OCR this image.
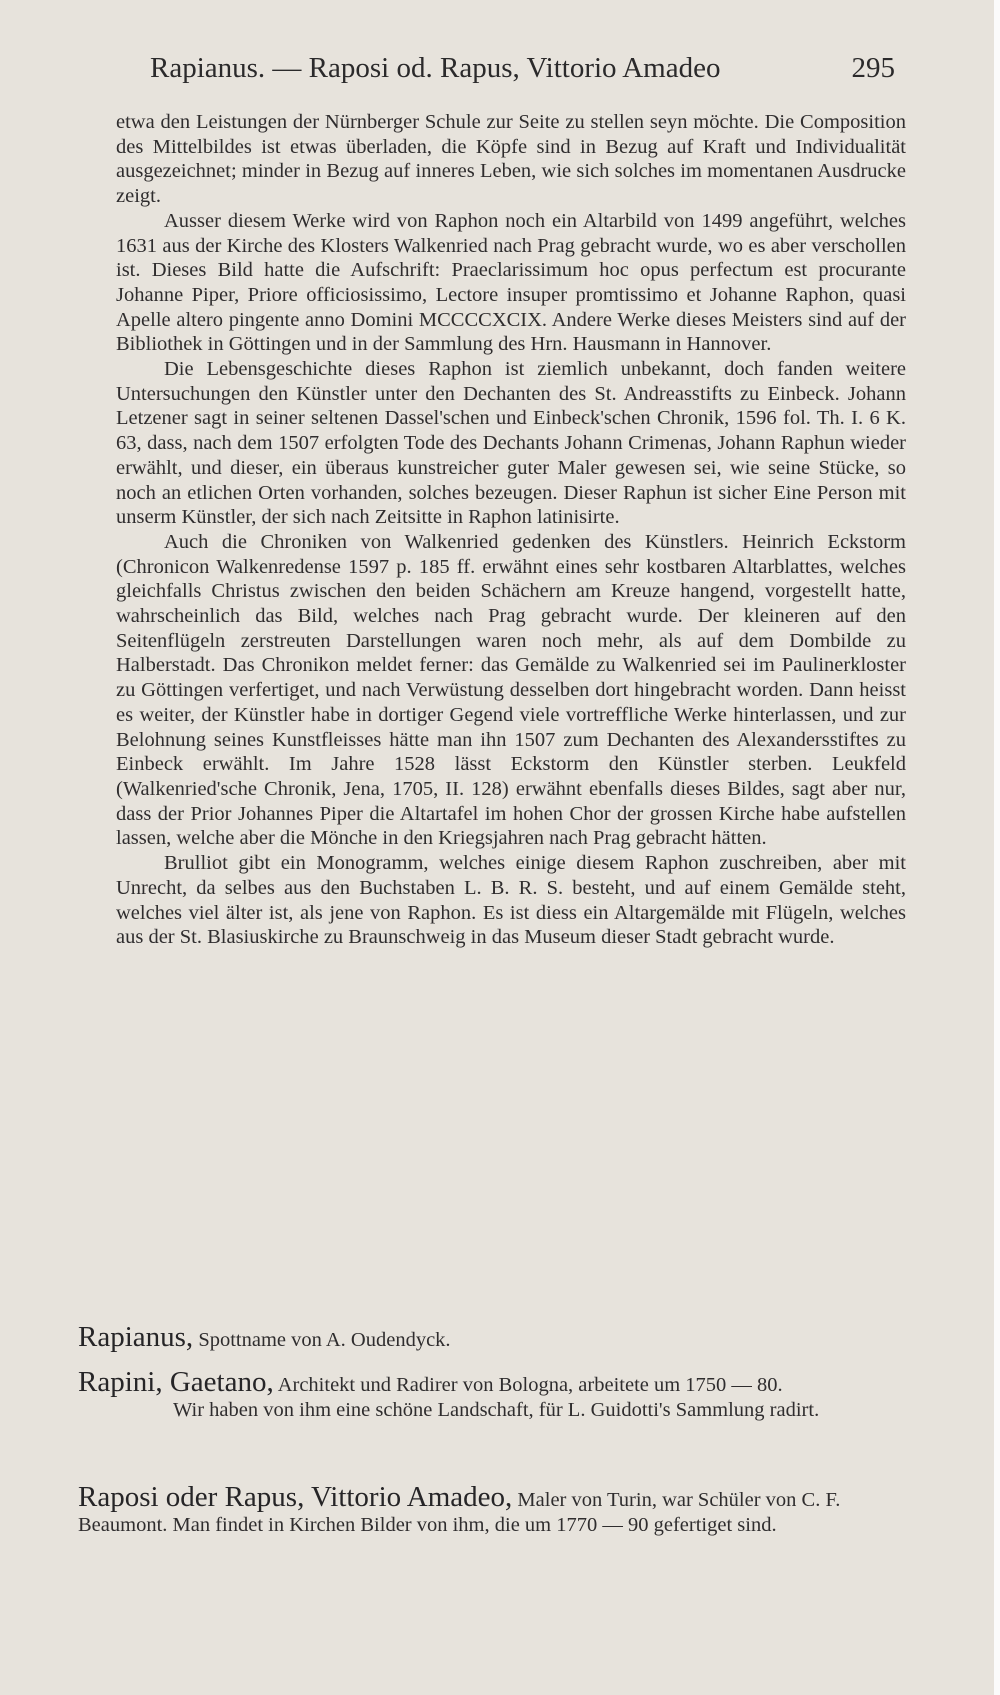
Rapianus. — Raposi od. Rapus, Vittorio Amadeo	295

etwa den Leistungen der Nürnberger Schule zur Seite zu stellen seyn möchte. Die Composition des Mittelbildes ist etwas überladen, die Köpfe sind in Bezug auf Kraft und Individualität ausgezeichnet; minder in Bezug auf inneres Leben, wie sich solches im momentanen Ausdrucke zeigt.

Ausser diesem Werke wird von Raphon noch ein Altarbild von 1499 angeführt, welches 1631 aus der Kirche des Klosters Walkenried nach Prag gebracht wurde, wo es aber verschollen ist. Dieses Bild hatte die Aufschrift: Praeclarissimum hoc opus perfectum est procurante Johanne Piper, Priore officiosissimo, Lectore insuper promtissimo et Johanne Raphon, quasi Apelle altero pingente anno Domini MCCCCXCIX. Andere Werke dieses Meisters sind auf der Bibliothek in Göttingen und in der Sammlung des Hrn. Hausmann in Hannover.

Die Lebensgeschichte dieses Raphon ist ziemlich unbekannt, doch fanden weitere Untersuchungen den Künstler unter den Dechanten des St. Andreasstifts zu Einbeck. Johann Letzener sagt in seiner seltenen Dassel'schen und Einbeck'schen Chronik, 1596 fol. Th. I. 6 K. 63, dass, nach dem 1507 erfolgten Tode des Dechants Johann Crimenas, Johann Raphun wieder erwählt, und dieser, ein überaus kunstreicher guter Maler gewesen sei, wie seine Stücke, so noch an etlichen Orten vorhanden, solches bezeugen. Dieser Raphun ist sicher Eine Person mit unserm Künstler, der sich nach Zeitsitte in Raphon latinisirte.

Auch die Chroniken von Walkenried gedenken des Künstlers. Heinrich Eckstorm (Chronicon Walkenredense 1597 p. 185 ff. erwähnt eines sehr kostbaren Altarblattes, welches gleichfalls Christus zwischen den beiden Schächern am Kreuze hangend, vorgestellt hatte, wahrscheinlich das Bild, welches nach Prag gebracht wurde. Der kleineren auf den Seitenflügeln zerstreuten Darstellungen waren noch mehr, als auf dem Dombilde zu Halberstadt. Das Chronikon meldet ferner: das Gemälde zu Walkenried sei im Paulinerkloster zu Göttingen verfertiget, und nach Verwüstung desselben dort hingebracht worden. Dann heisst es weiter, der Künstler habe in dortiger Gegend viele vortreffliche Werke hinterlassen, und zur Belohnung seines Kunstfleisses hätte man ihn 1507 zum Dechanten des Alexandersstiftes zu Einbeck erwählt. Im Jahre 1528 lässt Eckstorm den Künstler sterben. Leukfeld (Walkenried'sche Chronik, Jena, 1705, II. 128) erwähnt ebenfalls dieses Bildes, sagt aber nur, dass der Prior Johannes Piper die Altartafel im hohen Chor der grossen Kirche habe aufstellen lassen, welche aber die Mönche in den Kriegsjahren nach Prag gebracht hätten.

Brulliot gibt ein Monogramm, welches einige diesem Raphon zuschreiben, aber mit Unrecht, da selbes aus den Buchstaben L. B. R. S. besteht, und auf einem Gemälde steht, welches viel älter ist, als jene von Raphon. Es ist diess ein Altargemälde mit Flügeln, welches aus der St. Blasiuskirche zu Braunschweig in das Museum dieser Stadt gebracht wurde.

Rapianus, Spottname von A. Oudendyck.
Rapini, Gaetano, Architekt und Radirer von Bologna, arbeitete um 1750 — 80.
Wir haben von ihm eine schöne Landschaft, für L. Guidotti's Sammlung radirt.
Raposi oder Rapus, Vittorio Amadeo, Maler von Turin, war Schüler von C. F. Beaumont. Man findet in Kirchen Bilder von ihm, die um 1770 — 90 gefertiget sind.
